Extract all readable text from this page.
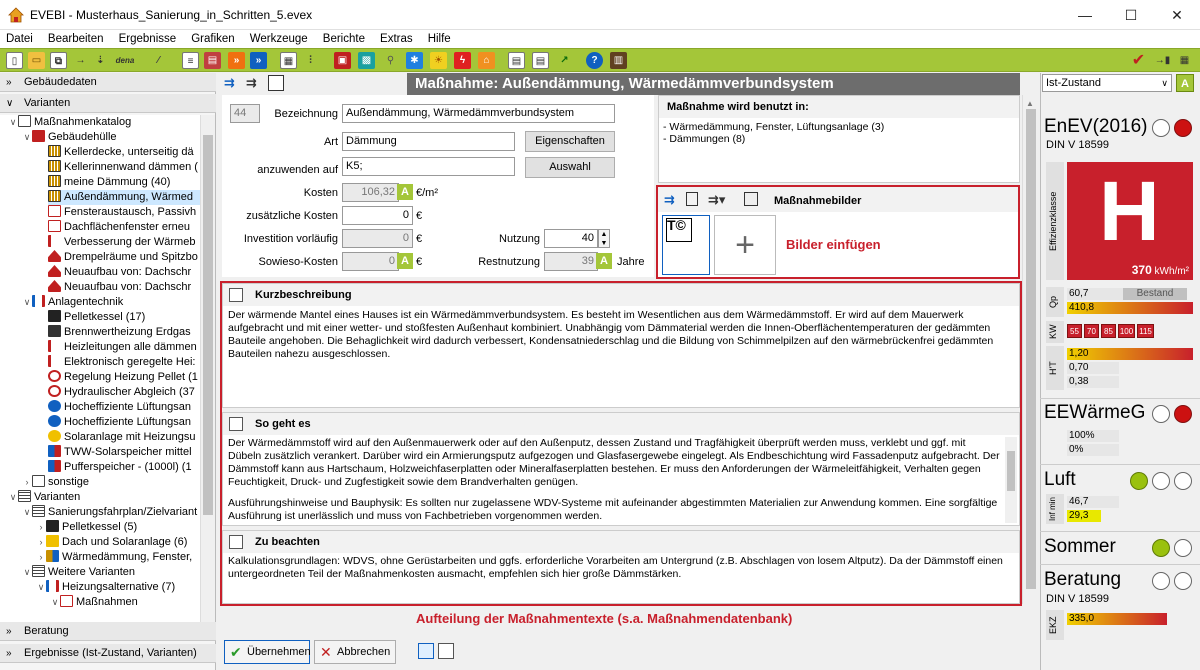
EVEBI - Musterhaus_Sanierung_in_Schritten_5.evex	—	☐	✕
Datei Bearbeiten Ergebnisse Grafiken Werkzeuge Berichte Extras Hilfe
▯	▭	⧉	→	⇣	dena	⁄	≡	▤	»	»	▦	⫶	▣	▩	⚲	✱	☀	ϟ	⌂	▤	▤	↗	?	▥	✔ →▮ ▦
» Gebäudedaten
∨ Varianten
∨ Maßnahmenkatalog
∨ Gebäudehülle
Kellerdecke, unterseitig dä
Kellerinnenwand dämmen (
meine Dämmung (40)
Außendämmung, Wärmed
Fensteraustausch, Passivh
Dachflächenfenster erneu
Verbesserung der Wärmeb
Drempelräume und Spitzbo
Neuaufbau von: Dachschr
Neuaufbau von: Dachschr
∨ Anlagentechnik
Pelletkessel (17)
Brennwertheizung Erdgas
Heizleitungen alle dämmen
Elektronisch geregelte Hei:
Regelung Heizung Pellet (1
Hydraulischer Abgleich (37
Hocheffiziente Lüftungsan
Hocheffiziente Lüftungsan
Solaranlage mit Heizungsu
TWW-Solarspeicher mittel
Pufferspeicher - (1000l) (1
› sonstige
∨ Varianten
∨ Sanierungsfahrplan/Zielvariant
› Pelletkessel (5)
› Dach und Solaranlage (6)
› Wärmedämmung, Fenster,
∨ Weitere Varianten
∨ Heizungsalternative (7)
∨ Maßnahmen
» Beratung
» Ergebnisse (Ist-Zustand, Varianten)
⇉ ⇉	Maßnahme: Außendämmung, Wärmedämmverbundsystem
44	Bezeichnung Außendämmung, Wärmedämmverbundsystem
Art Dämmung	Eigenschaften
anzuwenden auf K5;	Auswahl
Kosten	106,32 A €/m²
zusätzliche Kosten	0 €
Investition vorläufig	0 €
Sowieso-Kosten	0 A €
Nutzung	40 ▲
▼
Restnutzung	39 A Jahre
Maßnahme wird benutzt in:
- Wärmedämmung, Fenster, Lüftungsanlage (3)
- Dämmungen (8)
⇉	⇉▾	Maßnahmebilder
T©
+	Bilder einfügen
Kurzbeschreibung
Der wärmende Mantel eines Hauses ist ein Wärmedämmverbundsystem. Es besteht im Wesentlichen aus dem Wärmedämmstoff. Er wird auf dem Mauerwerk aufgebracht und mit einer wetter- und stoßfesten Außenhaut kombiniert. Unabhängig vom Dämmaterial werden die Innen-Oberflächentemperaturen der gedämmten Bauteile angehoben. Die Behaglichkeit wird dadurch verbessert, Kondensatniederschlag und die Bildung von Schimmelpilzen auf den wärmebrückenfrei gedämmten Bauteilen nahezu ausgeschlossen.
So geht es
Der Wärmedämmstoff wird auf den Außenmauerwerk oder auf den Außenputz, dessen Zustand und Tragfähigkeit überprüft werden muss, verklebt und ggf. mit Dübeln zusätzlich verankert. Darüber wird ein Armierungsputz aufgezogen und Glasfasergewebe eingelegt. Als Endbeschichtung wird Fassadenputz aufgebracht. Der Dämmstoff kann aus Hartschaum, Holzweichfaserplatten oder Mineralfaserplatten bestehen. Er muss den Anforderungen der Wärmeleitfähigkeit, Verhalten gegen Feuchtigkeit, Druck- und Zugfestigkeit sowie dem Brandverhalten genügen.
Ausführungshinweise und Bauphysik: Es sollten nur zugelassene WDV-Systeme mit aufeinander abgestimmten Materialien zur Anwendung kommen. Eine sorgfältige Ausführung ist unerlässlich und muss von Fachbetrieben vorgenommen werden.
Zu beachten
Kalkulationsgrundlagen: WDVS, ohne Gerüstarbeiten und ggfs. erforderliche Vorarbeiten am Untergrund (z.B. Abschlagen von losem Altputz). Da der Dämmstoff einen untergeordneten Teil der Maßnahmenkosten ausmacht, empfehlen sich hier große Dämmstärken.
▲
Aufteilung der Maßnahmentexte (s.a. Maßnahmendatenbank)
✔ Übernehmen ✕ Abbrechen
Ist-Zustand	∨	A
EnEV(2016)
DIN V 18599
Effizienzklasse H
370 kWh/m²
Qp
60,7	Bestand
410,8
KW	55	70	85 100 115
H'T
1,20
0,70
0,38
EEWärmeG
100%
0%
Luft
Inf min	46,7
29,3
Sommer
Beratung
DIN V 18599
EKZ	335,0
